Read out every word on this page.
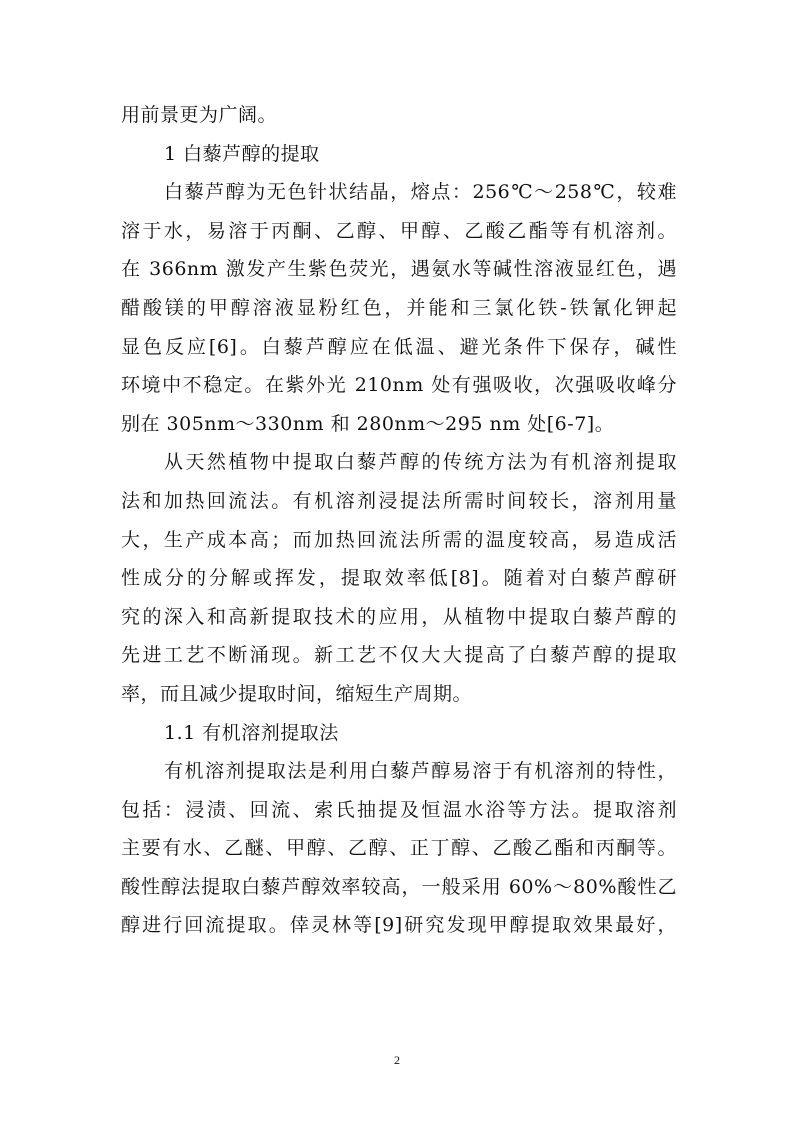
用前景更为广阔。
1 白藜芦醇的提取
白藜芦醇为无色针状结晶，熔点：256℃～258℃，较难
溶于水，易溶于丙酮、乙醇、甲醇、乙酸乙酯等有机溶剂。
在 366nm 激发产生紫色荧光，遇氨水等碱性溶液显红色，遇
醋酸镁的甲醇溶液显粉红色，并能和三氯化铁-铁氰化钾起
显色反应[6]。白藜芦醇应在低温、避光条件下保存，碱性
环境中不稳定。在紫外光 210nm 处有强吸收，次强吸收峰分
别在 305nm～330nm 和 280nm～295 nm 处[6-7]。
从天然植物中提取白藜芦醇的传统方法为有机溶剂提取
法和加热回流法。有机溶剂浸提法所需时间较长，溶剂用量
大，生产成本高；而加热回流法所需的温度较高，易造成活
性成分的分解或挥发，提取效率低[8]。随着对白藜芦醇研
究的深入和高新提取技术的应用，从植物中提取白藜芦醇的
先进工艺不断涌现。新工艺不仅大大提高了白藜芦醇的提取
率，而且减少提取时间，缩短生产周期。
1.1 有机溶剂提取法
有机溶剂提取法是利用白藜芦醇易溶于有机溶剂的特性，
包括：浸渍、回流、索氏抽提及恒温水浴等方法。提取溶剂
主要有水、乙醚、甲醇、乙醇、正丁醇、乙酸乙酯和丙酮等。
酸性醇法提取白藜芦醇效率较高，一般采用 60%～80%酸性乙
醇进行回流提取。倖灵林等[9]研究发现甲醇提取效果最好，
2
